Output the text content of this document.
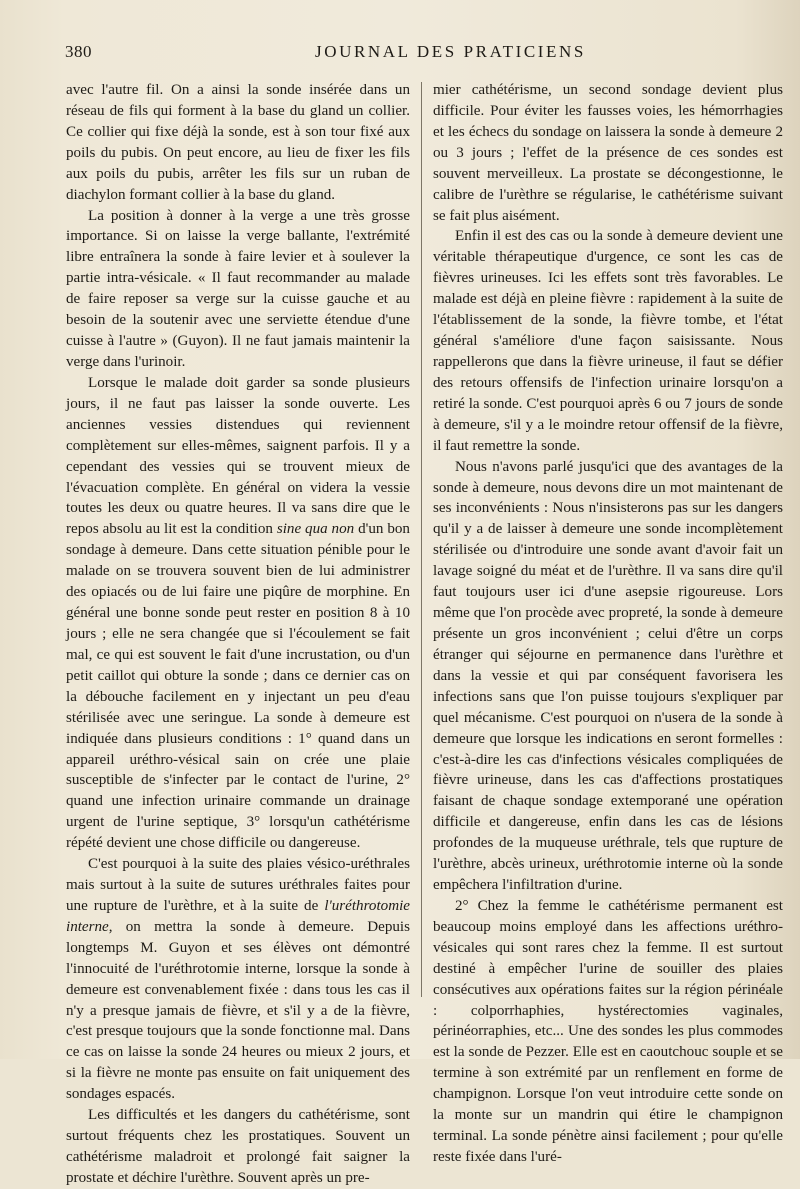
380	JOURNAL DES PRATICIENS

avec l'autre fil. On a ainsi la sonde insérée dans un réseau de fils qui forment à la base du gland un collier. Ce collier qui fixe déjà la sonde, est à son tour fixé aux poils du pubis. On peut encore, au lieu de fixer les fils aux poils du pubis, arrêter les fils sur un ruban de diachylon formant collier à la base du gland.

La position à donner à la verge a une très grosse importance. Si on laisse la verge ballante, l'extrémité libre entraînera la sonde à faire levier et à soulever la partie intra-vésicale. « Il faut recommander au malade de faire reposer sa verge sur la cuisse gauche et au besoin de la soutenir avec une serviette étendue d'une cuisse à l'autre » (Guyon). Il ne faut jamais maintenir la verge dans l'urinoir.

Lorsque le malade doit garder sa sonde plusieurs jours, il ne faut pas laisser la sonde ouverte. Les anciennes vessies distendues qui reviennent complètement sur elles-mêmes, saignent parfois. Il y a cependant des vessies qui se trouvent mieux de l'évacuation complète. En général on videra la vessie toutes les deux ou quatre heures. Il va sans dire que le repos absolu au lit est la condition sine qua non d'un bon sondage à demeure. Dans cette situation pénible pour le malade on se trouvera souvent bien de lui administrer des opiacés ou de lui faire une piqûre de morphine. En général une bonne sonde peut rester en position 8 à 10 jours ; elle ne sera changée que si l'écoulement se fait mal, ce qui est souvent le fait d'une incrustation, ou d'un petit caillot qui obture la sonde ; dans ce dernier cas on la débouche facilement en y injectant un peu d'eau stérilisée avec une seringue. La sonde à demeure est indiquée dans plusieurs conditions : 1° quand dans un appareil uréthro-vésical sain on crée une plaie susceptible de s'infecter par le contact de l'urine, 2° quand une infection urinaire commande un drainage urgent de l'urine septique, 3° lorsqu'un cathétérisme répété devient une chose difficile ou dangereuse.

C'est pourquoi à la suite des plaies vésico-uréthrales mais surtout à la suite de sutures uréthrales faites pour une rupture de l'urèthre, et à la suite de l'uréthrotomie interne, on mettra la sonde à demeure. Depuis longtemps M. Guyon et ses élèves ont démontré l'innocuité de l'uréthrotomie interne, lorsque la sonde à demeure est convenablement fixée : dans tous les cas il n'y a presque jamais de fièvre, et s'il y a de la fièvre, c'est presque toujours que la sonde fonctionne mal. Dans ce cas on laisse la sonde 24 heures ou mieux 2 jours, et si la fièvre ne monte pas ensuite on fait uniquement des sondages espacés.

Les difficultés et les dangers du cathétérisme, sont surtout fréquents chez les prostatiques. Souvent un cathétérisme maladroit et prolongé fait saigner la prostate et déchire l'urèthre. Souvent après un pre-

mier cathétérisme, un second sondage devient plus difficile. Pour éviter les fausses voies, les hémorrhagies et les échecs du sondage on laissera la sonde à demeure 2 ou 3 jours ; l'effet de la présence de ces sondes est souvent merveilleux. La prostate se décongestionne, le calibre de l'urèthre se régularise, le cathétérisme suivant se fait plus aisément.

Enfin il est des cas ou la sonde à demeure devient une véritable thérapeutique d'urgence, ce sont les cas de fièvres urineuses. Ici les effets sont très favorables. Le malade est déjà en pleine fièvre : rapidement à la suite de l'établissement de la sonde, la fièvre tombe, et l'état général s'améliore d'une façon saisissante. Nous rappellerons que dans la fièvre urineuse, il faut se défier des retours offensifs de l'infection urinaire lorsqu'on a retiré la sonde. C'est pourquoi après 6 ou 7 jours de sonde à demeure, s'il y a le moindre retour offensif de la fièvre, il faut remettre la sonde.

Nous n'avons parlé jusqu'ici que des avantages de la sonde à demeure, nous devons dire un mot maintenant de ses inconvénients : Nous n'insisterons pas sur les dangers qu'il y a de laisser à demeure une sonde incomplètement stérilisée ou d'introduire une sonde avant d'avoir fait un lavage soigné du méat et de l'urèthre. Il va sans dire qu'il faut toujours user ici d'une asepsie rigoureuse. Lors même que l'on procède avec propreté, la sonde à demeure présente un gros inconvénient ; celui d'être un corps étranger qui séjourne en permanence dans l'urèthre et dans la vessie et qui par conséquent favorisera les infections sans que l'on puisse toujours s'expliquer par quel mécanisme. C'est pourquoi on n'usera de la sonde à demeure que lorsque les indications en seront formelles : c'est-à-dire les cas d'infections vésicales compliquées de fièvre urineuse, dans les cas d'affections prostatiques faisant de chaque sondage extemporané une opération difficile et dangereuse, enfin dans les cas de lésions profondes de la muqueuse uréthrale, tels que rupture de l'urèthre, abcès urineux, uréthrotomie interne où la sonde empêchera l'infiltration d'urine.

2° Chez la femme le cathétérisme permanent est beaucoup moins employé dans les affections uréthro-vésicales qui sont rares chez la femme. Il est surtout destiné à empêcher l'urine de souiller des plaies consécutives aux opérations faites sur la région périnéale : colporrhaphies, hystérectomies vaginales, périnéorraphies, etc... Une des sondes les plus commodes est la sonde de Pezzer. Elle est en caoutchouc souple et se termine à son extrémité par un renflement en forme de champignon. Lorsque l'on veut introduire cette sonde on la monte sur un mandrin qui étire le champignon terminal. La sonde pénètre ainsi facilement ; pour qu'elle reste fixée dans l'uré-
